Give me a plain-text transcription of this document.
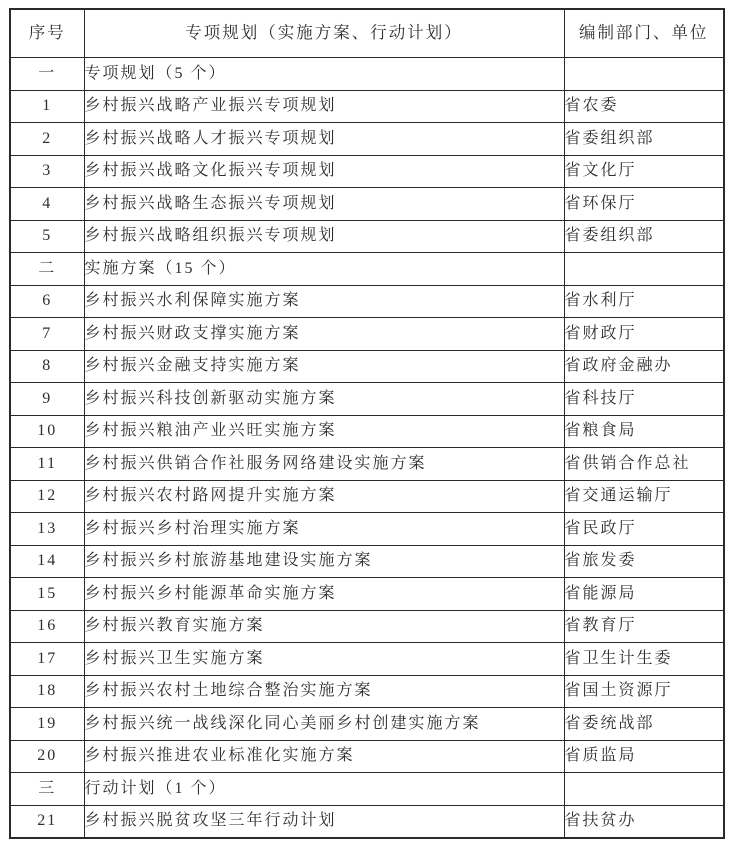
序号	专项规划（实施方案、行动计划）	编制部门、单位
一	专项规划（5 个）	
1	乡村振兴战略产业振兴专项规划	省农委
2	乡村振兴战略人才振兴专项规划	省委组织部
3	乡村振兴战略文化振兴专项规划	省文化厅
4	乡村振兴战略生态振兴专项规划	省环保厅
5	乡村振兴战略组织振兴专项规划	省委组织部
二	实施方案（15 个）	
6	乡村振兴水利保障实施方案	省水利厅
7	乡村振兴财政支撑实施方案	省财政厅
8	乡村振兴金融支持实施方案	省政府金融办
9	乡村振兴科技创新驱动实施方案	省科技厅
10	乡村振兴粮油产业兴旺实施方案	省粮食局
11	乡村振兴供销合作社服务网络建设实施方案	省供销合作总社
12	乡村振兴农村路网提升实施方案	省交通运输厅
13	乡村振兴乡村治理实施方案	省民政厅
14	乡村振兴乡村旅游基地建设实施方案	省旅发委
15	乡村振兴乡村能源革命实施方案	省能源局
16	乡村振兴教育实施方案	省教育厅
17	乡村振兴卫生实施方案	省卫生计生委
18	乡村振兴农村土地综合整治实施方案	省国土资源厅
19	乡村振兴统一战线深化同心美丽乡村创建实施方案	省委统战部
20	乡村振兴推进农业标准化实施方案	省质监局
三	行动计划（1 个）	
21	乡村振兴脱贫攻坚三年行动计划	省扶贫办
